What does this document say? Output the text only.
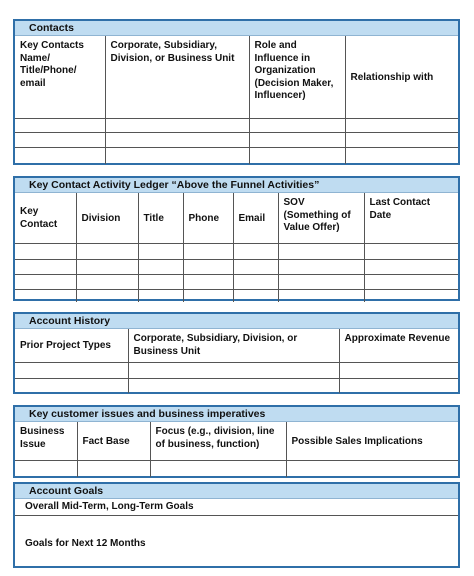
Contacts
Key Contacts Name/ Title/Phone/ email	Corporate, Subsidiary, Division, or Business Unit	Role and Influence in Organization (Decision Maker, Influencer)	Relationship with

Key Contact Activity Ledger “Above the Funnel Activities”
Key Contact	Division	Title	Phone	Email	SOV (Something of Value Offer)	Last Contact Date

Account History
Prior Project Types	Corporate, Subsidiary, Division, or Business Unit	Approximate Revenue

Key customer issues and business imperatives
Business Issue	Fact Base	Focus (e.g., division, line of business, function)	Possible Sales Implications

Account Goals
Overall Mid-Term, Long-Term Goals
Goals for Next 12 Months
